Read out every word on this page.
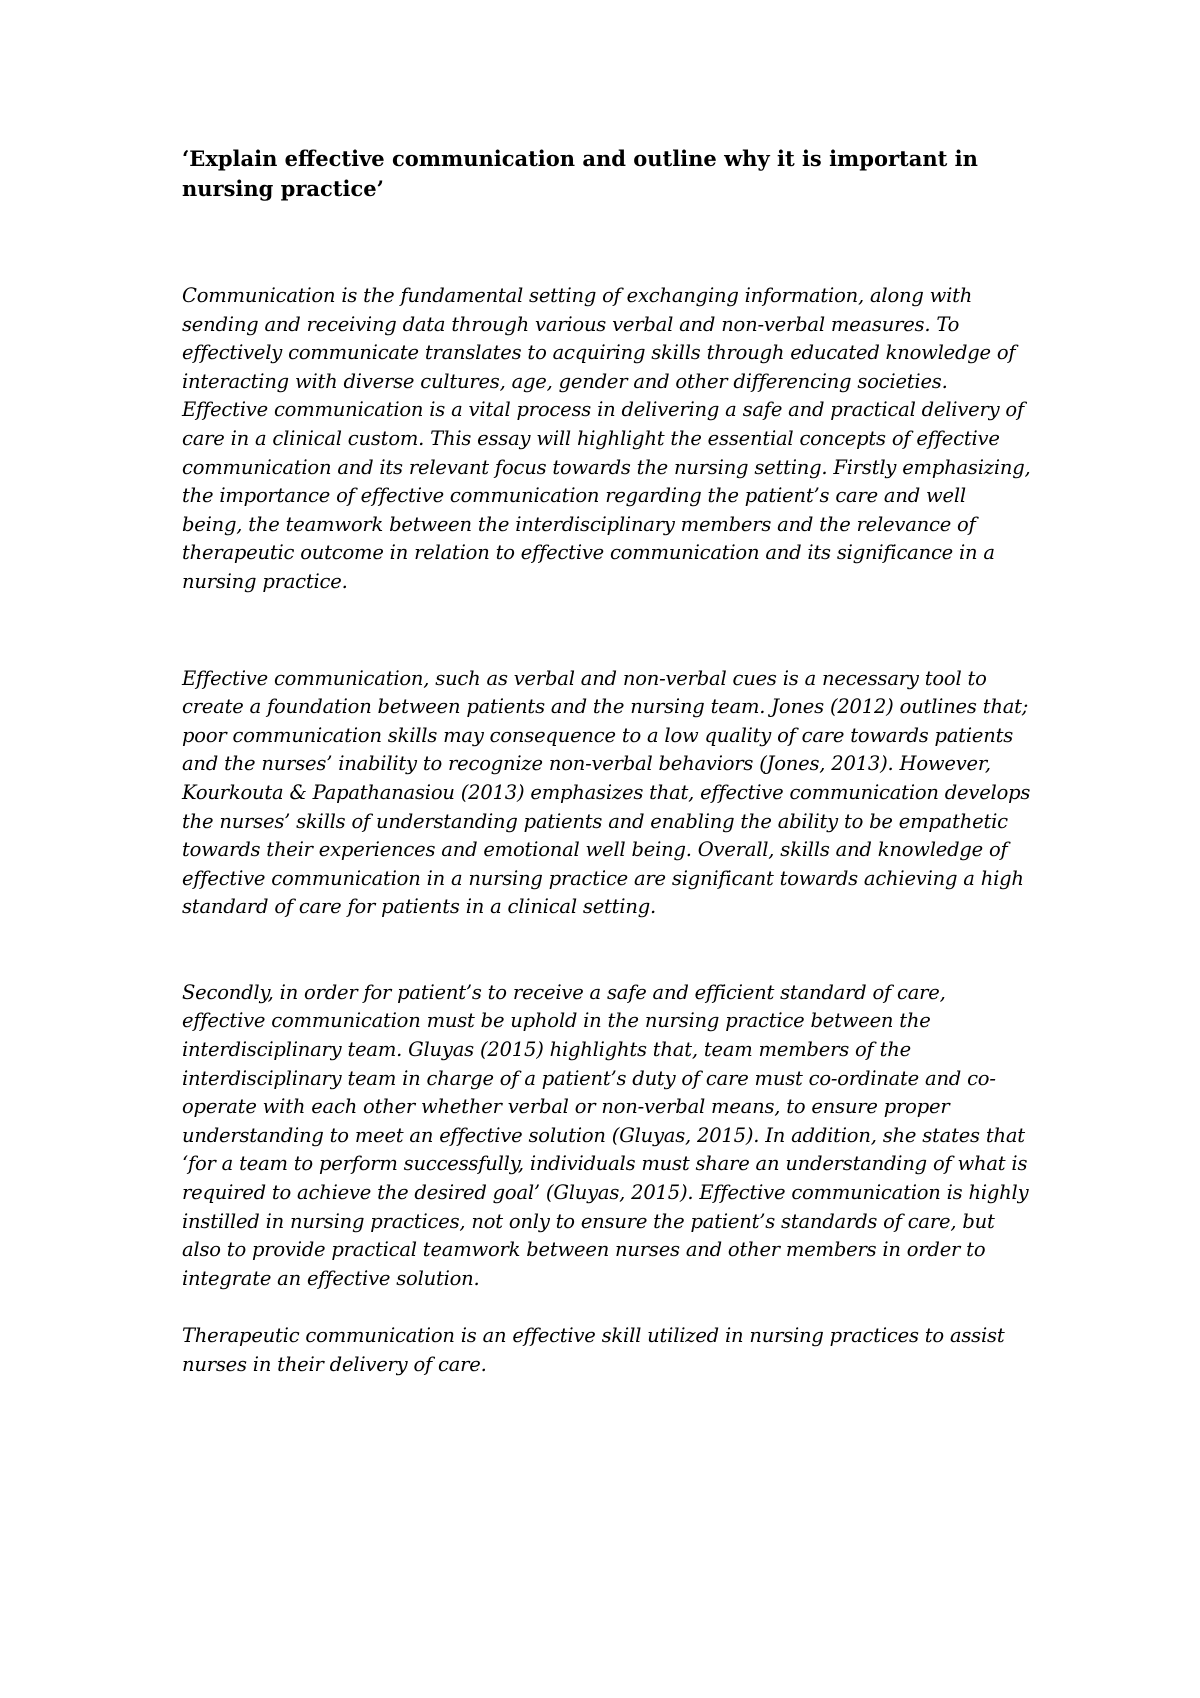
‘Explain effective communication and outline why it is important in nursing practice’

Communication is the fundamental setting of exchanging information, along with sending and receiving data through various verbal and non-verbal measures. To effectively communicate translates to acquiring skills through educated knowledge of interacting with diverse cultures, age, gender and other differencing societies. Effective communication is a vital process in delivering a safe and practical delivery of care in a clinical custom. This essay will highlight the essential concepts of effective communication and its relevant focus towards the nursing setting. Firstly emphasizing, the importance of effective communication regarding the patient’s care and well being, the teamwork between the interdisciplinary members and the relevance of therapeutic outcome in relation to effective communication and its significance in a nursing practice.

Effective communication, such as verbal and non-verbal cues is a necessary tool to create a foundation between patients and the nursing team. Jones (2012) outlines that; poor communication skills may consequence to a low quality of care towards patients and the nurses’ inability to recognize non-verbal behaviors (Jones, 2013). However, Kourkouta & Papathanasiou (2013) emphasizes that, effective communication develops the nurses’ skills of understanding patients and enabling the ability to be empathetic towards their experiences and emotional well being. Overall, skills and knowledge of effective communication in a nursing practice are significant towards achieving a high standard of care for patients in a clinical setting.

Secondly, in order for patient’s to receive a safe and efficient standard of care, effective communication must be uphold in the nursing practice between the interdisciplinary team. Gluyas (2015) highlights that, team members of the interdisciplinary team in charge of a patient’s duty of care must co-ordinate and co-operate with each other whether verbal or non-verbal means, to ensure proper understanding to meet an effective solution (Gluyas, 2015). In addition, she states that ‘for a team to perform successfully, individuals must share an understanding of what is required to achieve the desired goal’ (Gluyas, 2015). Effective communication is highly instilled in nursing practices, not only to ensure the patient’s standards of care, but also to provide practical teamwork between nurses and other members in order to integrate an effective solution.

Therapeutic communication is an effective skill utilized in nursing practices to assist nurses in their delivery of care.
